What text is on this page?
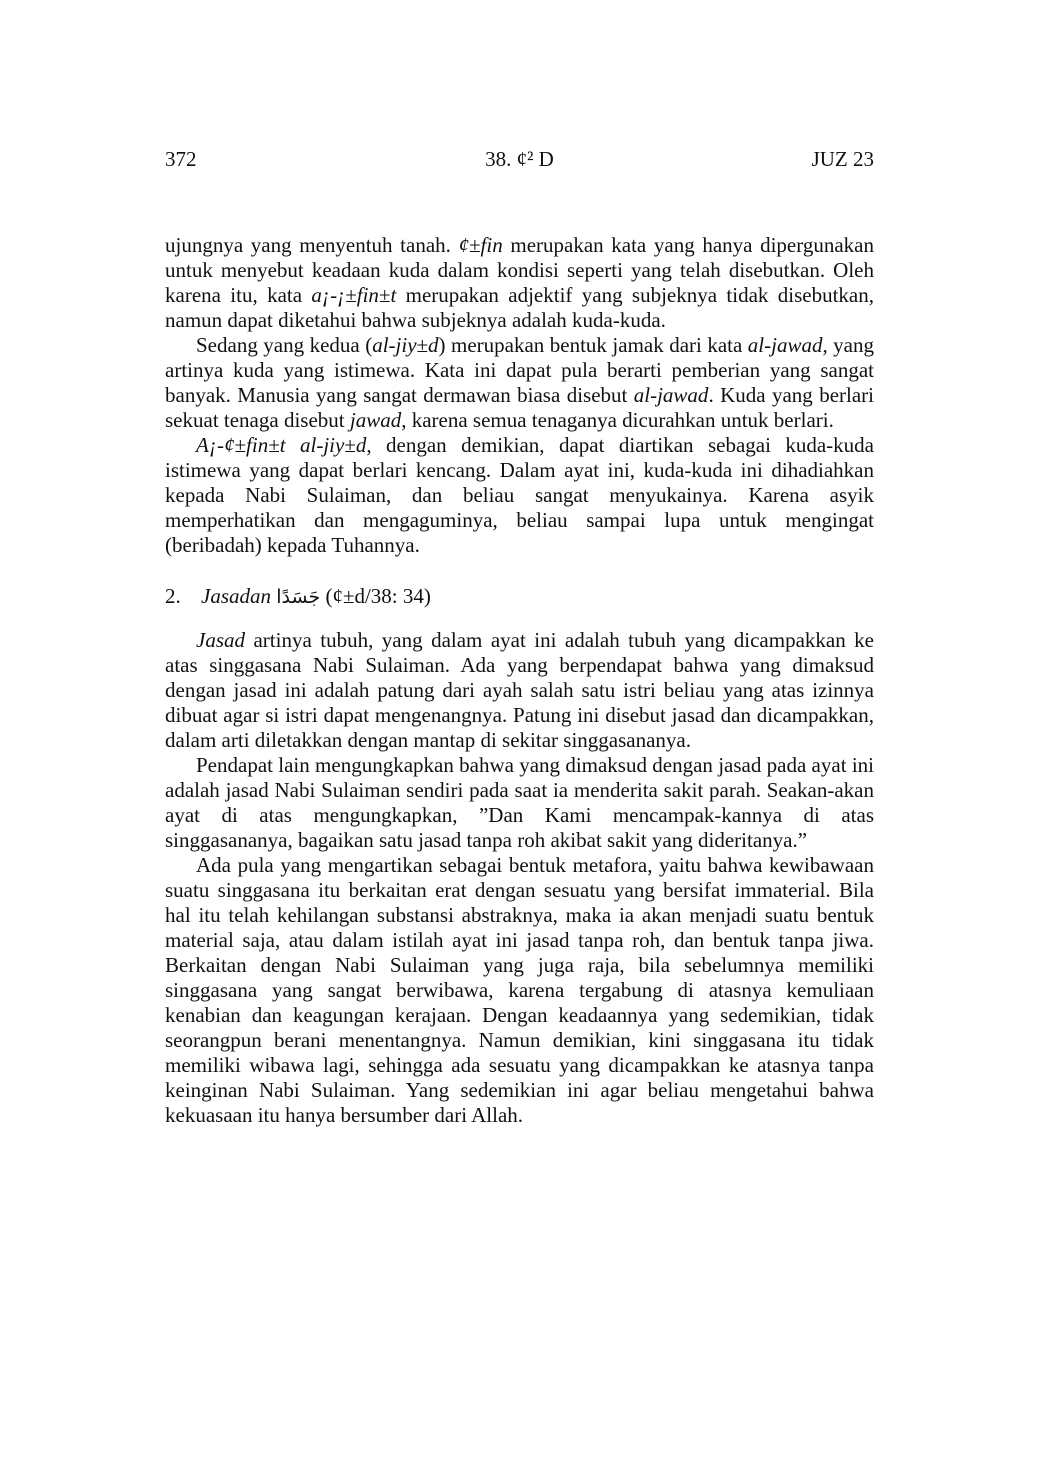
372	38. ¢² D	JUZ 23

ujungnya yang menyentuh tanah. ¢±fin merupakan kata yang hanya dipergunakan untuk menyebut keadaan kuda dalam kondisi seperti yang telah disebutkan. Oleh karena itu, kata a¡-¡±fin±t merupakan adjektif yang subjeknya tidak disebutkan, namun dapat diketahui bahwa subjeknya adalah kuda-kuda.

Sedang yang kedua (al-jiy±d) merupakan bentuk jamak dari kata al-jawad, yang artinya kuda yang istimewa. Kata ini dapat pula berarti pemberian yang sangat banyak. Manusia yang sangat dermawan biasa disebut al-jawad. Kuda yang berlari sekuat tenaga disebut jawad, karena semua tenaganya dicurahkan untuk berlari.

A¡-¢±fin±t al-jiy±d, dengan demikian, dapat diartikan sebagai kuda-kuda istimewa yang dapat berlari kencang. Dalam ayat ini, kuda-kuda ini dihadiahkan kepada Nabi Sulaiman, dan beliau sangat menyukainya. Karena asyik memperhatikan dan mengaguminya, beliau sampai lupa untuk mengingat (beribadah) kepada Tuhannya.

2. Jasadan جَسَدًا (¢±d/38: 34)

Jasad artinya tubuh, yang dalam ayat ini adalah tubuh yang dicampakkan ke atas singgasana Nabi Sulaiman. Ada yang berpendapat bahwa yang dimaksud dengan jasad ini adalah patung dari ayah salah satu istri beliau yang atas izinnya dibuat agar si istri dapat mengenangnya. Patung ini disebut jasad dan dicampakkan, dalam arti diletakkan dengan mantap di sekitar singgasananya.

Pendapat lain mengungkapkan bahwa yang dimaksud dengan jasad pada ayat ini adalah jasad Nabi Sulaiman sendiri pada saat ia menderita sakit parah. Seakan-akan ayat di atas mengungkapkan, ”Dan Kami mencampak-kannya di atas singgasananya, bagaikan satu jasad tanpa roh akibat sakit yang dideritanya.”

Ada pula yang mengartikan sebagai bentuk metafora, yaitu bahwa kewibawaan suatu singgasana itu berkaitan erat dengan sesuatu yang bersifat immaterial. Bila hal itu telah kehilangan substansi abstraknya, maka ia akan menjadi suatu bentuk material saja, atau dalam istilah ayat ini jasad tanpa roh, dan bentuk tanpa jiwa. Berkaitan dengan Nabi Sulaiman yang juga raja, bila sebelumnya memiliki singgasana yang sangat berwibawa, karena tergabung di atasnya kemuliaan kenabian dan keagungan kerajaan. Dengan keadaannya yang sedemikian, tidak seorangpun berani menentangnya. Namun demikian, kini singgasana itu tidak memiliki wibawa lagi, sehingga ada sesuatu yang dicampakkan ke atasnya tanpa keinginan Nabi Sulaiman. Yang sedemikian ini agar beliau mengetahui bahwa kekuasaan itu hanya bersumber dari Allah.
